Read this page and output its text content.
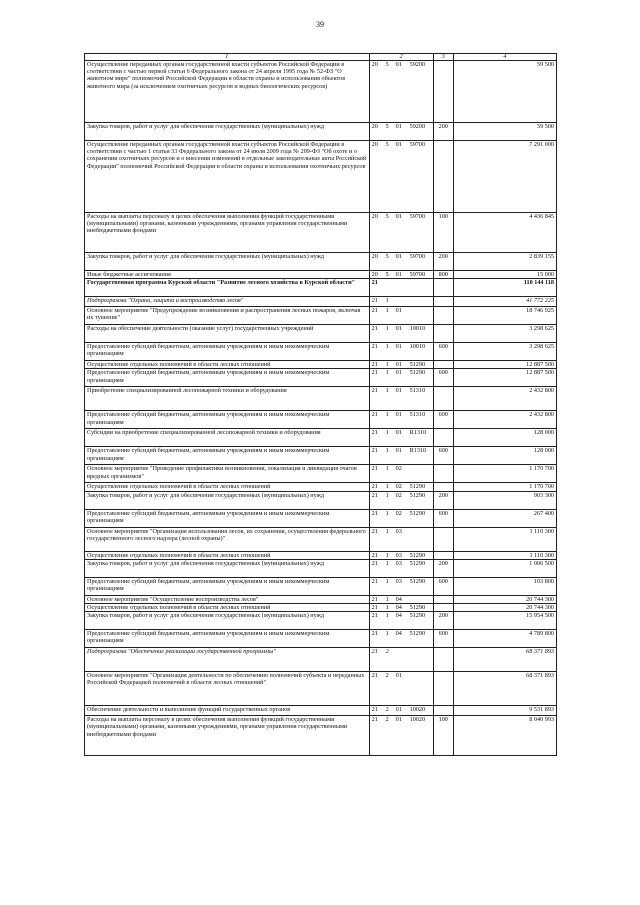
39
1	2	3	4
Осуществление переданных органам государственной власти субъектов Российской Федерации в соответствии с частью первой статьи 6 Федерального закона от 24 апреля 1995 года № 52-ФЗ "О животном мире" полномочий Российской Федерации в области охраны и использования объектов животного мира (за исключением охотничьих ресурсов и водных биологических ресурсов)	20 5 01 59200		59 500
Закупка товаров, работ и услуг для обеспечения государственных (муниципальных) нужд	20 5 01 59200	200	59 500
Осуществление переданных органам государственной власти субъектов Российской Федерации в соответствии с частью 1 статьи 33 Федерального закона от 24 июля 2009 года № 209-ФЗ "Об охоте и о сохранении охотничьих ресурсов и о внесении изменений в отдельные законодательные акты Российской Федерации" полномочий Российской Федерации в области охраны и использования охотничьих ресурсов	20 5 01 59700		7 291 000
Расходы на выплаты персоналу в целях обеспечения выполнения функций государственными (муниципальными) органами, казенными учреждениями, органами управления государственными внебюджетными фондами	20 5 01 59700	100	4 436 845
Закупка товаров, работ и услуг для обеспечения государственных (муниципальных) нужд	20 5 01 59700	200	2 839 155
Иные бюджетные ассигнования	20 5 01 59700	800	15 000
Государственная программа Курской области "Развитие лесного хозяйства в Курской области"	21		110 144 118
Подпрограмма "Охрана, защита и воспроизводство лесов"	21 1		41 772 225
Основное мероприятие "Предупреждение возникновения и распространения лесных пожаров, включая их тушение"	21 1 01		18 746 925
Расходы на обеспечение деятельности (оказание услуг) государственных учреждений	21 1 01 10010		3 298 625
Предоставление субсидий бюджетным, автономным учреждениям и иным некоммерческим организациям	21 1 01 10010	600	3 298 625
Осуществление отдельных полномочий в области лесных отношений	21 1 01 51290		12 887 500
Предоставление субсидий бюджетным, автономным учреждениям и иным некоммерческим организациям	21 1 01 51290	600	12 887 500
Приобретение специализированной лесопожарной техники и оборудования	21 1 01 51310		2 432 800
Предоставление субсидий бюджетным, автономным учреждениям и иным некоммерческим организациям	21 1 01 51310	600	2 432 800
Субсидии на приобретение специализированной лесопожарной техники и оборудования	21 1 01 R1310		128 000
Предоставление субсидий бюджетным, автономным учреждениям и иным некоммерческим организациям	21 1 01 R1310	600	128 000
Основное мероприятие "Проведение профилактики возникновения, локализация и ликвидация очагов вредных организмов"	21 1 02		1 170 700
Осуществление отдельных полномочий в области лесных отношений	21 1 02 51290		1 170 700
Закупка товаров, работ и услуг для обеспечения государственных (муниципальных) нужд	21 1 02 51290	200	903 300
Предоставление субсидий бюджетным, автономным учреждениям и иным некоммерческим организациям	21 1 02 51290	600	267 400
Основное мероприятие "Организация использования лесов, их сохранения, осуществления федерального государственного лесного надзора (лесной охраны)"	21 1 03		1 110 300
Осуществление отдельных полномочий в области лесных отношений	21 1 03 51290		1 110 300
Закупка товаров, работ и услуг для обеспечения государственных (муниципальных) нужд	21 1 03 51290	200	1 006 500
Предоставление субсидий бюджетным, автономным учреждениям и иным некоммерческим организациям	21 1 03 51290	600	103 800
Основное мероприятие "Осуществление воспроизводства лесов"	21 1 04		20 744 300
Осуществление отдельных полномочий в области лесных отношений	21 1 04 51290		20 744 300
Закупка товаров, работ и услуг для обеспечения государственных (муниципальных) нужд	21 1 04 51290	200	15 954 500
Предоставление субсидий бюджетным, автономным учреждениям и иным некоммерческим организациям	21 1 04 51290	600	4 789 800
Подпрограмма "Обеспечение реализации государственной программы"	21 2		68 371 893
Основное мероприятие "Организация деятельности по обеспечению полномочий субъекта и переданных Российской Федерацией полномочий в области лесных отношений"	21 2 01		68 371 893
Обеспечение деятельности и выполнение функций государственных органов	21 2 01 10020		9 531 893
Расходы на выплаты персоналу в целях обеспечения выполнения функций государственными (муниципальными) органами, казенными учреждениями, органами управления государственными внебюджетными фондами	21 2 01 10020	100	8 040 993
